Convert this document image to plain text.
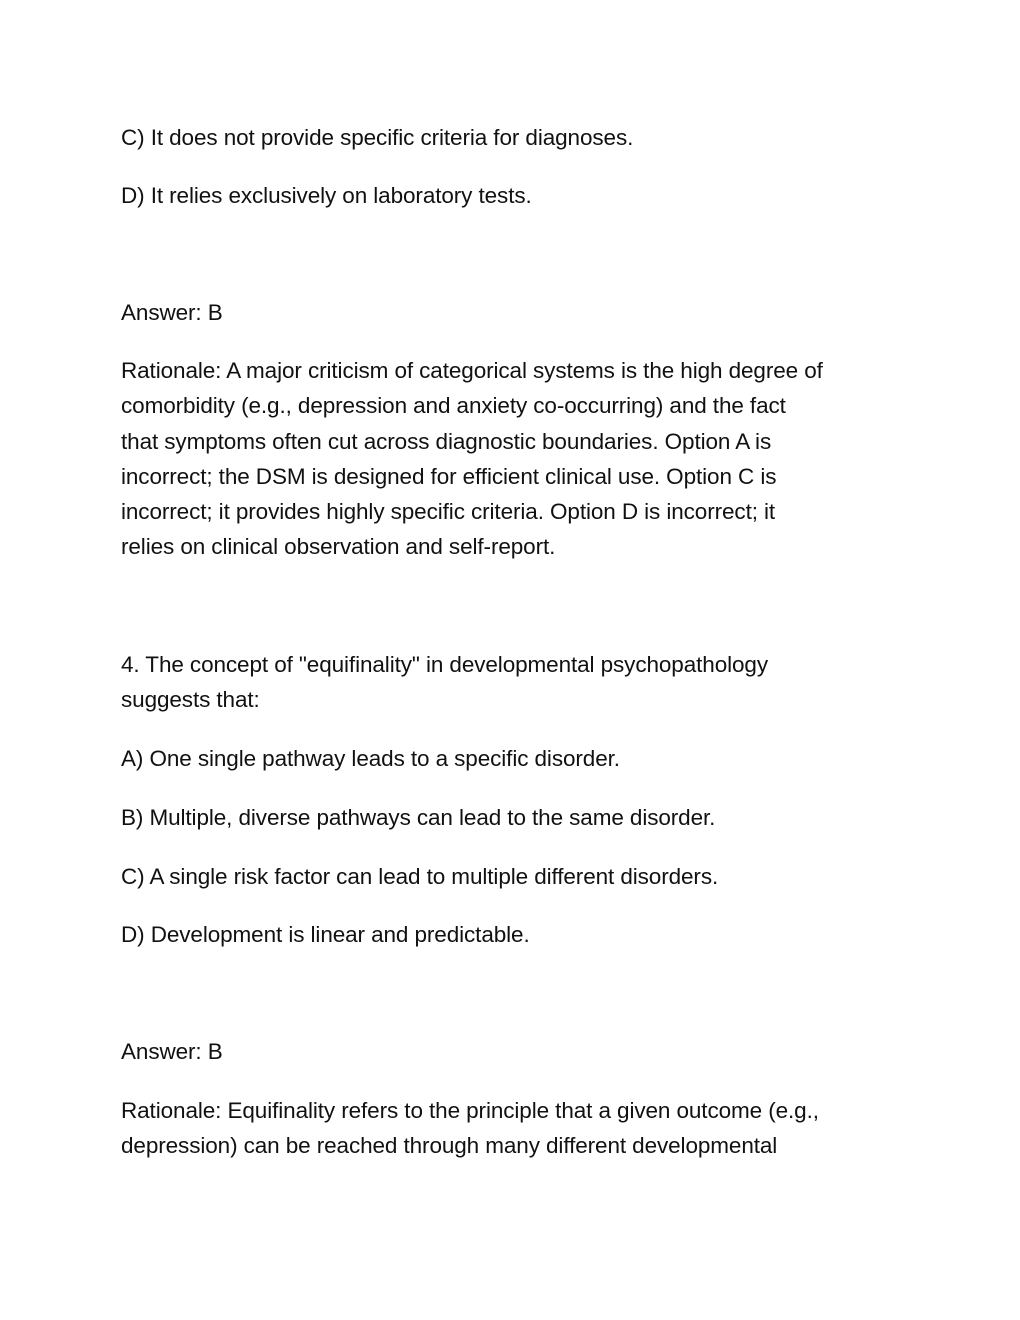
C) It does not provide specific criteria for diagnoses.
D) It relies exclusively on laboratory tests.
Answer: B
Rationale: A major criticism of categorical systems is the high degree of
comorbidity (e.g., depression and anxiety co-occurring) and the fact
that symptoms often cut across diagnostic boundaries. Option A is
incorrect; the DSM is designed for efficient clinical use. Option C is
incorrect; it provides highly specific criteria. Option D is incorrect; it
relies on clinical observation and self-report.
4. The concept of "equifinality" in developmental psychopathology
suggests that:
A) One single pathway leads to a specific disorder.
B) Multiple, diverse pathways can lead to the same disorder.
C) A single risk factor can lead to multiple different disorders.
D) Development is linear and predictable.
Answer: B
Rationale: Equifinality refers to the principle that a given outcome (e.g.,
depression) can be reached through many different developmental
